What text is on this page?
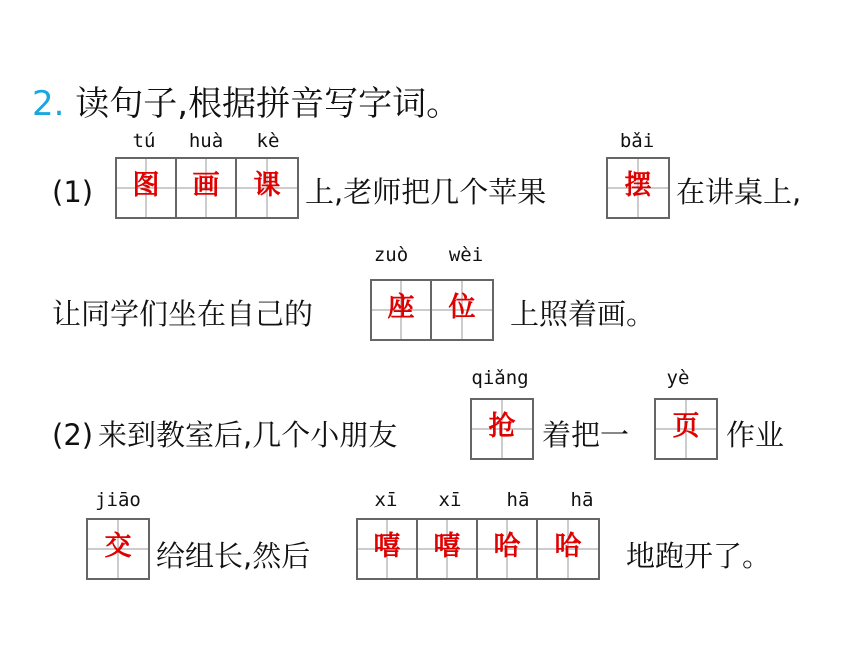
2. 读句子,根据拼音写字词。
(1)
tú	huà	kè
图	画	课 上,老师把几个苹果
bǎi
摆 在讲桌上,
让同学们坐在自己的
zuò	wèi
座	位	上照着画。
(2) 来到教室后,几个小朋友
qiǎng
抢 着把一
yè
页 作业
jiāo
交 给组长,然后
xī	xī	hā	hā
嘻	嘻	哈	哈	地跑开了。
